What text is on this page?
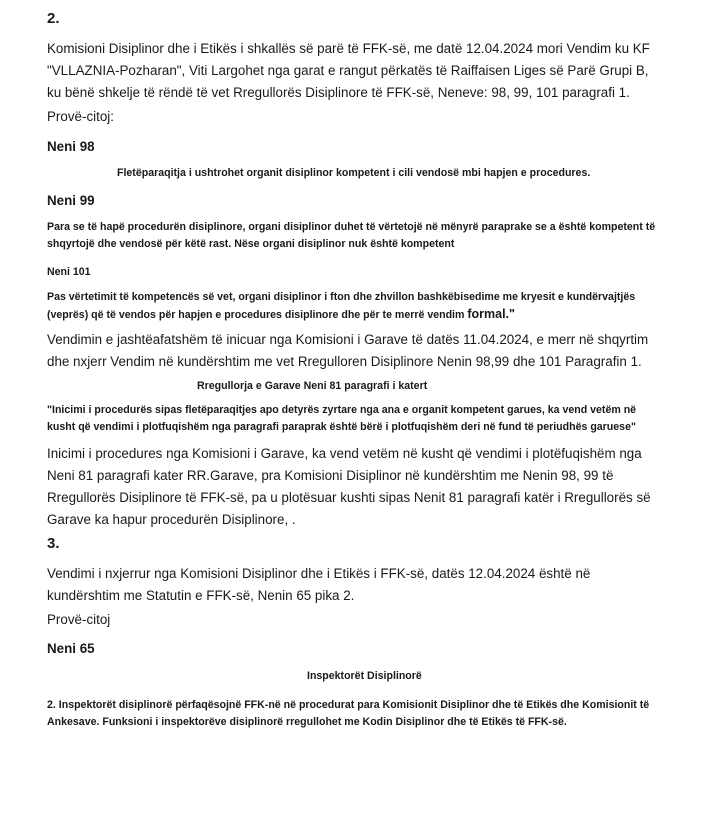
2.
Komisioni Disiplinor dhe i Etikës i shkallës së parë të FFK-së, me datë 12.04.2024 mori Vendim ku KF "VLLAZNIA-Pozharan", Viti Largohet nga garat e rangut përkatës të Raiffaisen Liges së Parë Grupi B, ku bënë shkelje të rëndë të vet Rregullorës Disiplinore të FFK-së, Neneve: 98, 99, 101 paragrafi 1.
Provë-citoj:
Neni 98
Fletëparaqitja i ushtrohet organit disiplinor kompetent i cili vendosë mbi hapjen e procedures.
Neni 99
Para se të hapë procedurën disiplinore, organi disiplinor duhet të vërtetojë në mënyrë paraprake se a është kompetent të shqyrtojë dhe vendosë për këtë rast. Nëse organi disiplinor nuk është kompetent
Neni 101
Pas vërtetimit të kompetencës së vet, organi disiplinor i fton dhe zhvillon bashkëbisedime me kryesit e kundërvajtjës (veprës) që të vendos për hapjen e procedures disiplinore dhe për te merrë vendim formal."
Vendimin e jashtëafatshëm të inicuar nga Komisioni i Garave të datës 11.04.2024, e merr në shqyrtim dhe nxjerr Vendim në kundërshtim me vet Rregulloren Disiplinore Nenin 98,99 dhe 101 Paragrafin 1.
Rregullorja e Garave Neni 81 paragrafi i katert
"Inicimi i procedurës sipas fletëparaqitjes apo detyrës zyrtare nga ana e organit kompetent garues, ka vend vetëm në kusht që vendimi i plotfuqishëm nga paragrafi paraprak është bërë i plotfuqishëm deri në fund të periudhës garuese"
Inicimi i procedures nga Komisioni i Garave, ka vend vetëm në kusht që vendimi i plotëfuqishëm nga Neni 81 paragrafi kater RR.Garave, pra Komisioni Disiplinor në kundërshtim me Nenin 98, 99 të Rregullorës Disiplinore të FFK-së, pa u plotësuar kushti sipas Nenit 81 paragrafi katër i Rregullorës së Garave ka hapur procedurën Disiplinore, .
3.
Vendimi i nxjerrur nga Komisioni Disiplinor dhe i Etikës i FFK-së, datës 12.04.2024 është në kundërshtim me Statutin e FFK-së, Nenin 65 pika 2.
Provë-citoj
Neni 65
Inspektorët Disiplinorë
2. Inspektorët disiplinorë përfaqësojnë FFK-në në procedurat para Komisionit Disiplinor dhe të Etikës dhe Komisionit të Ankesave. Funksioni i inspektorëve disiplinorë rregullohet me Kodin Disiplinor dhe të Etikës të FFK-së.
